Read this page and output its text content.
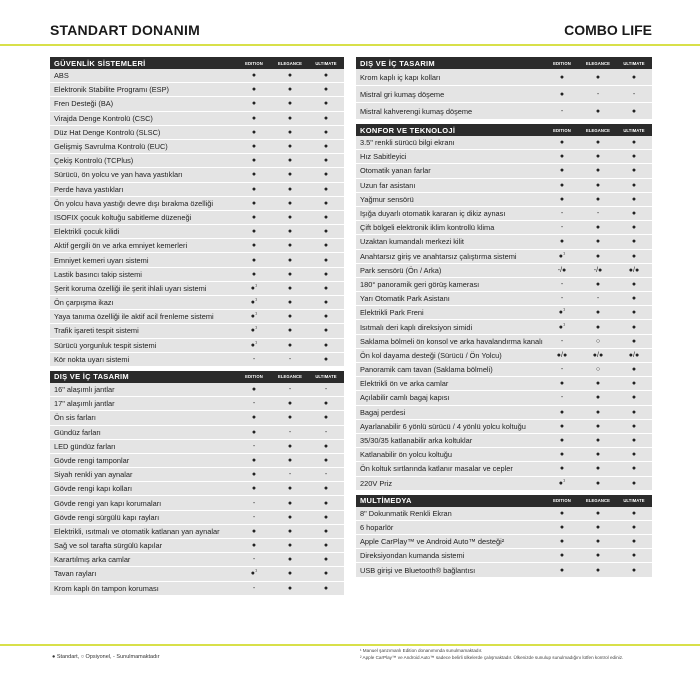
STANDART DONANIM	COMBO LIFE
GÜVENLİK SİSTEMLERİ	EDITION	ELEGANCE	ULTIMATE
ABS	●	●	●
Elektronik Stabilite Programı (ESP)	●	●	●
Fren Desteği (BA)	●	●	●
Virajda Denge Kontrolü (CSC)	●	●	●
Düz Hat Denge Kontrolü (SLSC)	●	●	●
Gelişmiş Savrulma Kontrolü (EUC)	●	●	●
Çekiş Kontrolü (TCPlus)	●	●	●
Sürücü, ön yolcu ve yan hava yastıkları	●	●	●
Perde hava yastıkları	●	●	●
Ön yolcu hava yastığı devre dışı bırakma özelliği	●	●	●
ISOFIX çocuk koltuğu sabitleme düzeneği	●	●	●
Elektrikli çocuk kilidi	●	●	●
Aktif gergili ön ve arka emniyet kemerleri	●	●	●
Emniyet kemeri uyarı sistemi	●	●	●
Lastik basıncı takip sistemi	●	●	●
Şerit koruma özelliği ile şerit ihlali uyarı sistemi	●$^1$	●	●
Ön çarpışma ikazı	●$^1$	●	●
Yaya tanıma özelliği ile aktif acil frenleme sistemi	●$^1$	●	●
Trafik işareti tespit sistemi	●$^1$	●	●
Sürücü yorgunluk tespit sistemi	●$^1$	●	●
Kör nokta uyarı sistemi	-	-	●
DIŞ VE İÇ TASARIM	EDITION	ELEGANCE	ULTIMATE
16" alaşımlı jantlar	●	-	-
17" alaşımlı jantlar	-	●	●
Ön sis farları	●	●	●
Gündüz farları	●	-	-
LED gündüz farları	-	●	●
Gövde rengi tamponlar	●	●	●
Siyah renkli yan aynalar	●	-	-
Gövde rengi kapı kolları	●	●	●
Gövde rengi yan kapı korumaları	-	●	●
Gövde rengi sürgülü kapı rayları	-	●	●
Elektrikli, ısıtmalı ve otomatik katlanan yan aynalar	●	●	●
Sağ ve sol tarafta sürgülü kapılar	●	●	●
Karartılmış arka camlar	-	●	●
Tavan rayları	●$^1$	●	●
Krom kaplı ön tampon koruması	-	●	●
DIŞ VE İÇ TASARIM	EDITION	ELEGANCE	ULTIMATE
Krom kaplı iç kapı kolları	●	●	●
Mistral gri kumaş döşeme	●	-	-
Mistral kahverengi kumaş döşeme	-	●	●
KONFOR VE TEKNOLOJİ	EDITION	ELEGANCE	ULTIMATE
3.5" renkli sürücü bilgi ekranı	●	●	●
Hız Sabitleyici	●	●	●
Otomatik yanan farlar	●	●	●
Uzun far asistanı	●	●	●
Yağmur sensörü	●	●	●
Işığa duyarlı otomatik kararan iç dikiz aynası	-	-	●
Çift bölgeli elektronik iklim kontrollü klima	-	●	●
Uzaktan kumandalı merkezi kilit	●	●	●
Anahtarsız giriş ve anahtarsız çalıştırma sistemi	●$^1$	●	●
Park sensörü (Ön / Arka)	-/●	-/●	●/●
180° panoramik geri görüş kamerası	-	●	●
Yarı Otomatik Park Asistanı	-	-	●
Elektrikli Park Freni	●$^1$	●	●
Isıtmalı deri kaplı direksiyon simidi	●$^1$	●	●
Saklama bölmeli ön konsol ve arka havalandırma kanalı	-	○	●
Ön kol dayama desteği (Sürücü / Ön Yolcu)	●/●	●/●	●/●
Panoramik cam tavan (Saklama bölmeli)	-	○	●
Elektrikli ön ve arka camlar	●	●	●
Açılabilir camlı bagaj kapısı	-	●	●
Bagaj perdesi	●	●	●
Ayarlanabilir 6 yönlü sürücü / 4 yönlü yolcu koltuğu	●	●	●
35/30/35 katlanabilir arka koltuklar	●	●	●
Katlanabilir ön yolcu koltuğu	●	●	●
Ön koltuk sırtlarında katlanır masalar ve cepler	●	●	●
220V Priz	●$^1$	●	●
MULTİMEDYA	EDITION	ELEGANCE	ULTIMATE
8" Dokunmatik Renkli Ekran	●	●	●
6 hoparlör	●	●	●
Apple CarPlay™ ve Android Auto™ desteği²	●	●	●
Direksiyondan kumanda sistemi	●	●	●
USB girişi ve Bluetooth® bağlantısı	●	●	●
● Standart, ○ Opsiyonel, - Sunulmamaktadır
¹ Manuel şanzımanlı Edition donanımında sunulmamaktadır.
² Apple CarPlay™ ve Android Auto™ sadece belirli ülkelerde çalışmaktadır. Ülkenizde sunulup sunulmadığını lütfen kontrol ediniz.
